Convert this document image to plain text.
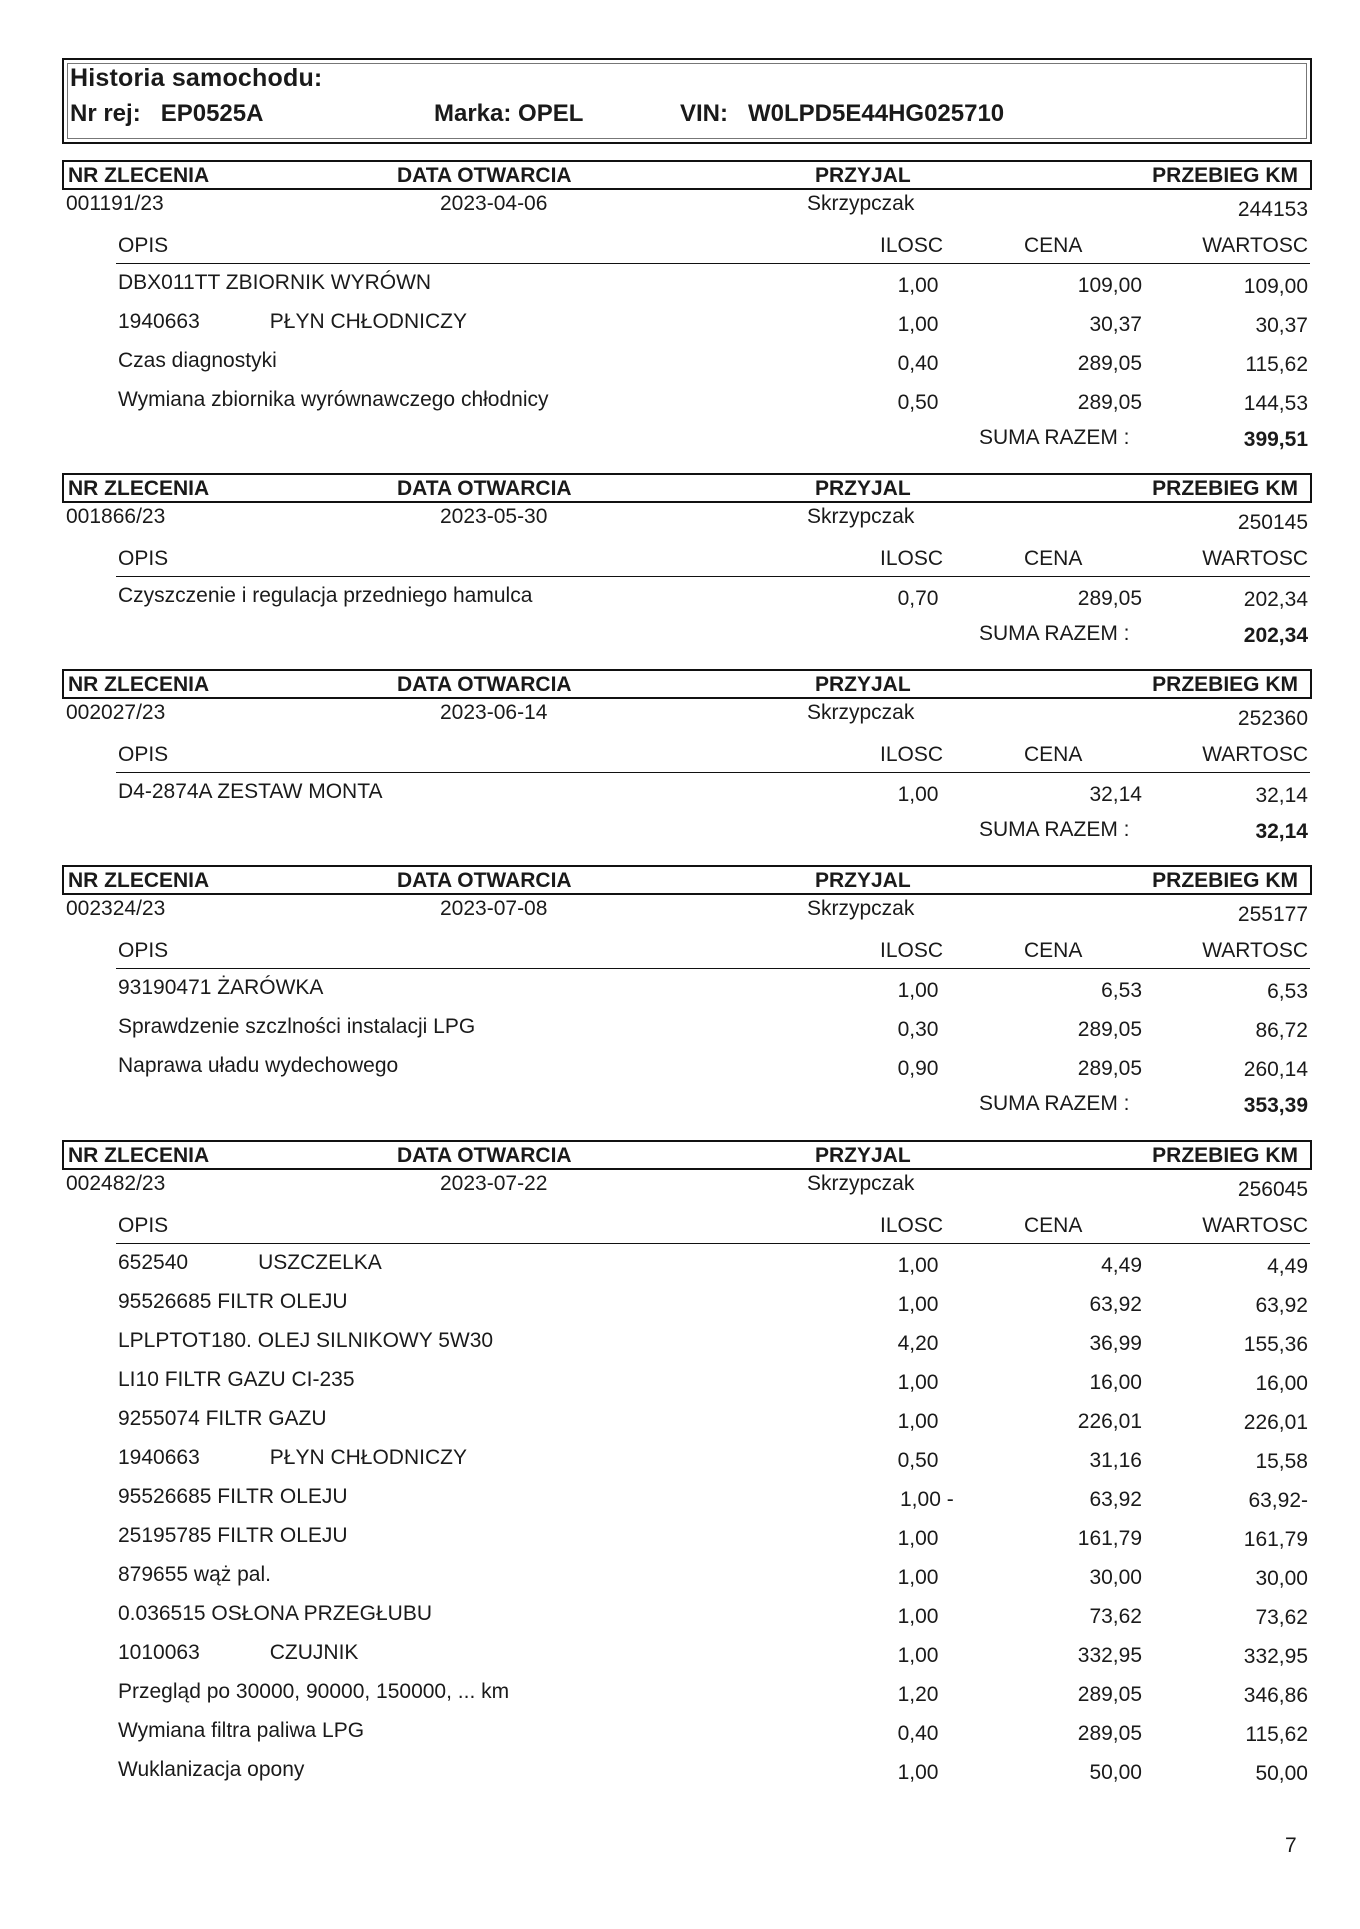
Historia samochodu:
Nr rej: EP0525A	Marka: OPEL	VIN: W0LPD5E44HG025710
NR ZLECENIA	DATA OTWARCIA	PRZYJAL	PRZEBIEG KM
001191/23	2023-04-06	Skrzypczak	244153
OPIS	ILOSC	CENA	WARTOSC
DBX011TT ZBIORNIK WYRÓWN	1,00	109,00	109,00
1940663            PŁYN CHŁODNICZY	1,00	30,37	30,37
Czas diagnostyki	0,40	289,05	115,62
Wymiana zbiornika wyrównawczego chłodnicy	0,50	289,05	144,53
SUMA RAZEM :	399,51
NR ZLECENIA	DATA OTWARCIA	PRZYJAL	PRZEBIEG KM
001866/23	2023-05-30	Skrzypczak	250145
OPIS	ILOSC	CENA	WARTOSC
Czyszczenie i regulacja przedniego hamulca	0,70	289,05	202,34
SUMA RAZEM :	202,34
NR ZLECENIA	DATA OTWARCIA	PRZYJAL	PRZEBIEG KM
002027/23	2023-06-14	Skrzypczak	252360
OPIS	ILOSC	CENA	WARTOSC
D4-2874A ZESTAW MONTA	1,00	32,14	32,14
SUMA RAZEM :	32,14
NR ZLECENIA	DATA OTWARCIA	PRZYJAL	PRZEBIEG KM
002324/23	2023-07-08	Skrzypczak	255177
OPIS	ILOSC	CENA	WARTOSC
93190471 ŻARÓWKA	1,00	6,53	6,53
Sprawdzenie szczlności instalacji LPG	0,30	289,05	86,72
Naprawa uładu wydechowego	0,90	289,05	260,14
SUMA RAZEM :	353,39
NR ZLECENIA	DATA OTWARCIA	PRZYJAL	PRZEBIEG KM
002482/23	2023-07-22	Skrzypczak	256045
OPIS	ILOSC	CENA	WARTOSC
652540            USZCZELKA	1,00	4,49	4,49
95526685 FILTR OLEJU	1,00	63,92	63,92
LPLPTOT180. OLEJ SILNIKOWY 5W30	4,20	36,99	155,36
LI10 FILTR GAZU CI-235	1,00	16,00	16,00
9255074 FILTR GAZU	1,00	226,01	226,01
1940663            PŁYN CHŁODNICZY	0,50	31,16	15,58
95526685 FILTR OLEJU	1,00 -	63,92	63,92-
25195785 FILTR OLEJU	1,00	161,79	161,79
879655 wąż pal.	1,00	30,00	30,00
0.036515 OSŁONA PRZEGŁUBU	1,00	73,62	73,62
1010063            CZUJNIK	1,00	332,95	332,95
Przegląd po 30000, 90000, 150000, ... km	1,20	289,05	346,86
Wymiana filtra paliwa LPG	0,40	289,05	115,62
Wuklanizacja opony	1,00	50,00	50,00
7
